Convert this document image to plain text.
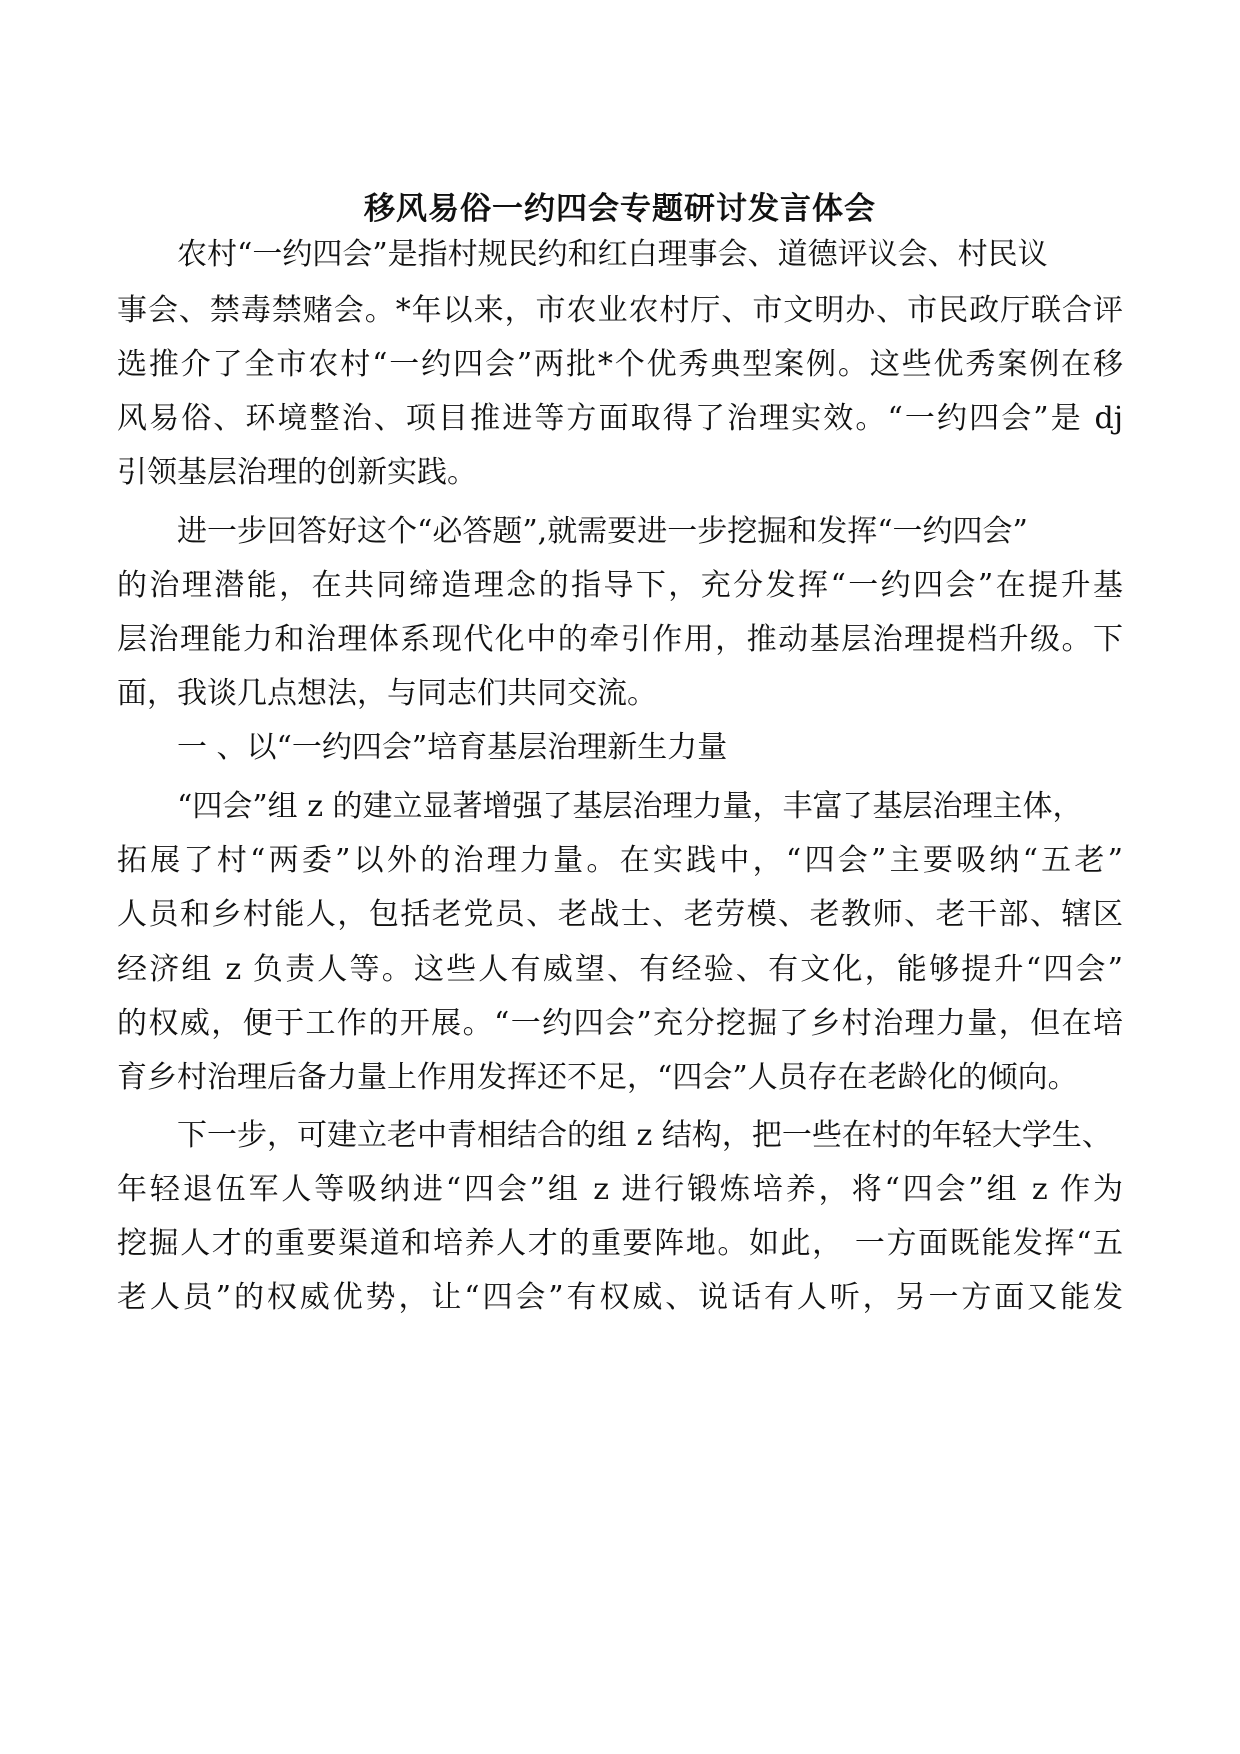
移风易俗一约四会专题研讨发言体会
农村“一约四会”是指村规民约和红白理事会、道德评议会、村民议
事会、禁毒禁赌会。*年以来，市农业农村厅、市文明办、市民政厅联合评
选推介了全市农村“一约四会”两批*个优秀典型案例。这些优秀案例在移
风易俗、环境整治、项目推进等方面取得了治理实效。“一约四会”是 dj
引领基层治理的创新实践。
进一步回答好这个“必答题”,就需要进一步挖掘和发挥“一约四会”
的治理潜能，在共同缔造理念的指导下，充分发挥“一约四会”在提升基
层治理能力和治理体系现代化中的牵引作用，推动基层治理提档升级。下
面，我谈几点想法，与同志们共同交流。
一 、以“一约四会”培育基层治理新生力量
“四会”组 z 的建立显著增强了基层治理力量，丰富了基层治理主体，
拓展了村“两委”以外的治理力量。在实践中，“四会”主要吸纳“五老”
人员和乡村能人，包括老党员、老战士、老劳模、老教师、老干部、辖区
经济组 z 负责人等。这些人有威望、有经验、有文化，能够提升“四会”
的权威，便于工作的开展。“一约四会”充分挖掘了乡村治理力量，但在培
育乡村治理后备力量上作用发挥还不足，“四会”人员存在老龄化的倾向。
下一步，可建立老中青相结合的组 z 结构，把一些在村的年轻大学生、
年轻退伍军人等吸纳进“四会”组 z 进行锻炼培养，将“四会”组 z 作为
挖掘人才的重要渠道和培养人才的重要阵地。如此， 一方面既能发挥“五
老人员”的权威优势，让“四会”有权威、说话有人听，另一方面又能发
